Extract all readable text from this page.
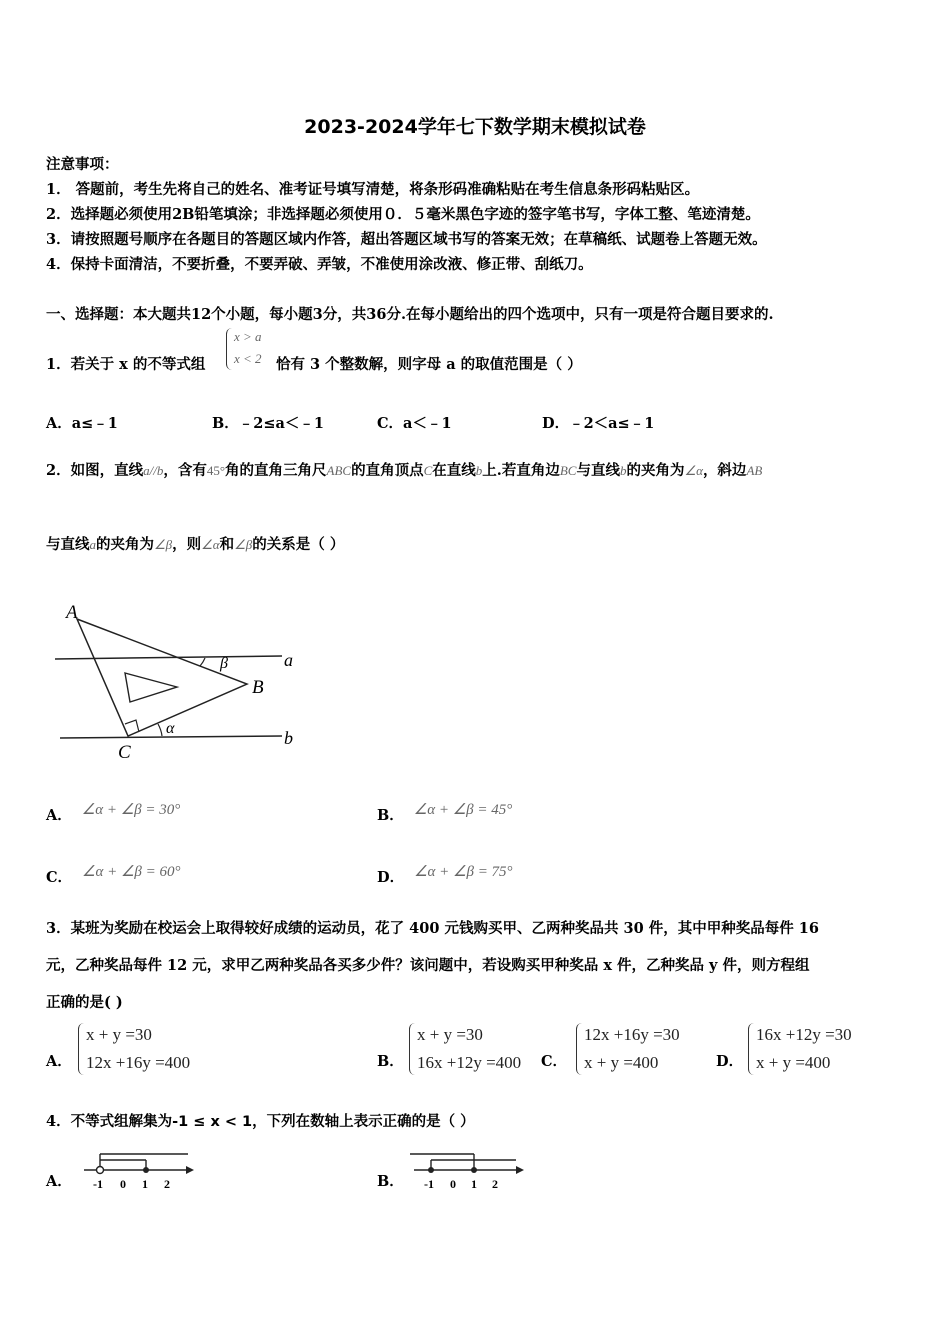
2023-2024学年七下数学期末模拟试卷
注意事项：
1． 答题前，考生先将自己的姓名、准考证号填写清楚，将条形码准确粘贴在考生信息条形码粘贴区。
2．选择题必须使用2B铅笔填涂；非选择题必须使用０．５毫米黑色字迹的签字笔书写，字体工整、笔迹清楚。
3．请按照题号顺序在各题目的答题区域内作答，超出答题区域书写的答案无效；在草稿纸、试题卷上答题无效。
4．保持卡面清洁，不要折叠，不要弄破、弄皱，不准使用涂改液、修正带、刮纸刀。
一、选择题：本大题共12个小题，每小题3分，共36分.在每小题给出的四个选项中，只有一项是符合题目要求的.
1．若关于 x 的不等式组
x > a
x < 2 恰有 3 个整数解，则字母 a 的取值范围是（ ）
A．a≤﹣1	B．﹣2≤a＜﹣1	C．a＜﹣1	D．﹣2＜a≤﹣1
2．如图，直线a//b，含有45°角的直角三角尺ABC的直角顶点C在直线b上.若直角边BC与直线b的夹角为∠α，斜边AB
与直线a的夹角为∠β，则∠α和∠β的关系是（ ）
A
B
C
a
b
α
β
A． ∠α + ∠β = 30°	B． ∠α + ∠β = 45°
C． ∠α + ∠β = 60°	D． ∠α + ∠β = 75°
3．某班为奖励在校运会上取得较好成绩的运动员，花了 400 元钱购买甲、乙两种奖品共 30 件，其中甲种奖品每件 16
元，乙种奖品每件 12 元，求甲乙两种奖品各买多少件？该问题中，若设购买甲种奖品 x 件，乙种奖品 y 件，则方程组
正确的是( )
A．
x + y =30
12x +16y =400	B．
x + y =30
16x +12y =400 C．
12x +16y =30
x + y =400	D．
16x +12y =30
x + y =400
4．不等式组解集为-1 ≤ x < 1，下列在数轴上表示正确的是（ ）
A． -1 0 1 2	B． -1 0 1 2
